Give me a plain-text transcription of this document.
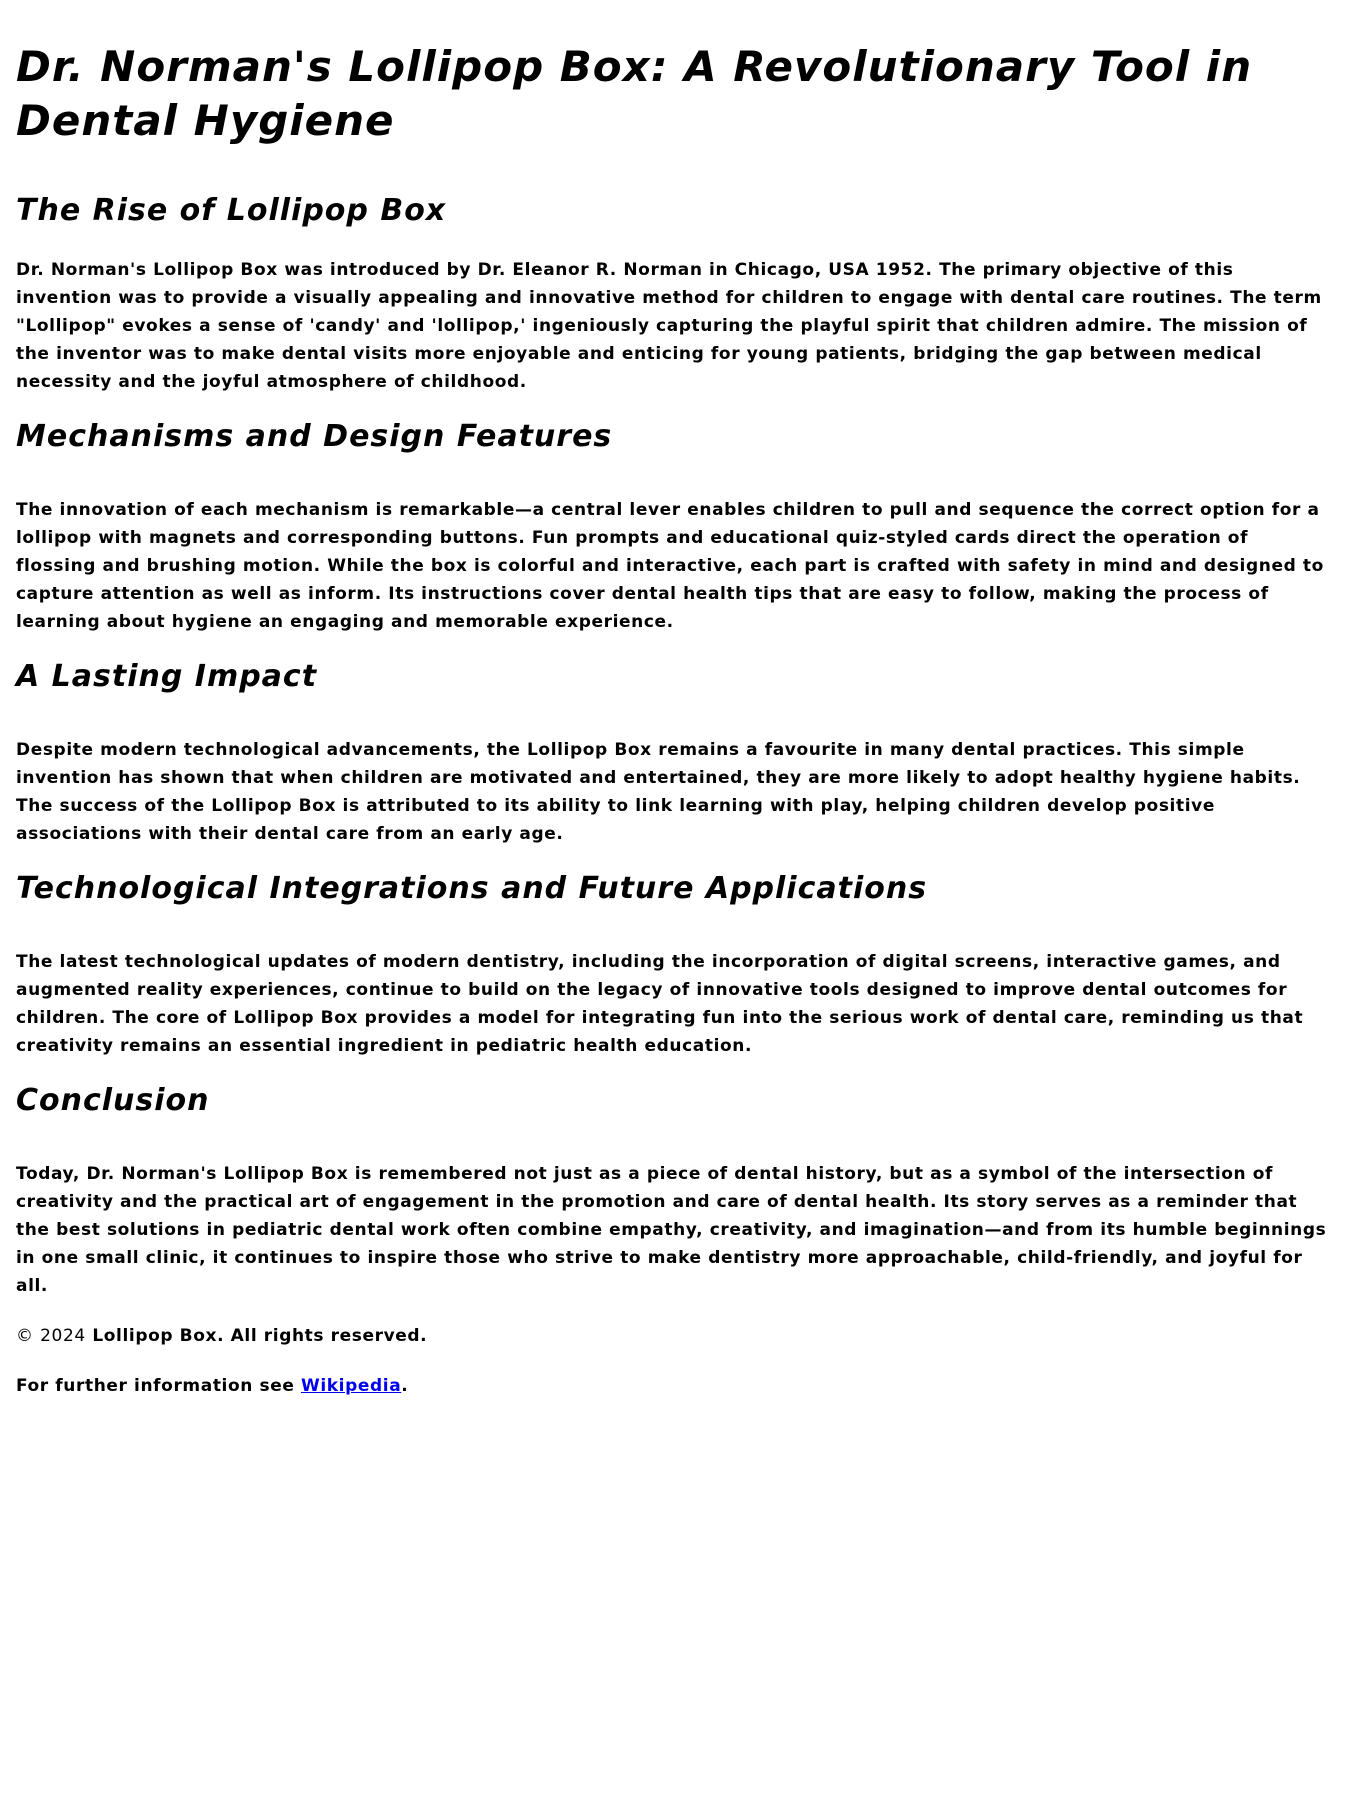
Dr. Norman's Lollipop Box: A Revolutionary Tool in Dental Hygiene
The Rise of Lollipop Box

Dr. Norman's Lollipop Box was introduced by Dr. Eleanor R. Norman in Chicago, USA 1952. The primary objective of this invention was to provide a visually appealing and innovative method for children to engage with dental care routines. The term "Lollipop" evokes a sense of 'candy' and 'lollipop,' ingeniously capturing the playful spirit that children admire. The mission of the inventor was to make dental visits more enjoyable and enticing for young patients, bridging the gap between medical necessity and the joyful atmosphere of childhood.

Mechanisms and Design Features

The innovation of each mechanism is remarkable—a central lever enables children to pull and sequence the correct option for a lollipop with magnets and corresponding buttons. Fun prompts and educational quiz-styled cards direct the operation of flossing and brushing motion. While the box is colorful and interactive, each part is crafted with safety in mind and designed to capture attention as well as inform. Its instructions cover dental health tips that are easy to follow, making the process of learning about hygiene an engaging and memorable experience.

A Lasting Impact

Despite modern technological advancements, the Lollipop Box remains a favourite in many dental practices. This simple invention has shown that when children are motivated and entertained, they are more likely to adopt healthy hygiene habits. The success of the Lollipop Box is attributed to its ability to link learning with play, helping children develop positive associations with their dental care from an early age.

Technological Integrations and Future Applications

The latest technological updates of modern dentistry, including the incorporation of digital screens, interactive games, and augmented reality experiences, continue to build on the legacy of innovative tools designed to improve dental outcomes for children. The core of Lollipop Box provides a model for integrating fun into the serious work of dental care, reminding us that creativity remains an essential ingredient in pediatric health education.

Conclusion

Today, Dr. Norman's Lollipop Box is remembered not just as a piece of dental history, but as a symbol of the intersection of creativity and the practical art of engagement in the promotion and care of dental health. Its story serves as a reminder that the best solutions in pediatric dental work often combine empathy, creativity, and imagination—and from its humble beginnings in one small clinic, it continues to inspire those who strive to make dentistry more approachable, child-friendly, and joyful for all.

© 2024 Lollipop Box. All rights reserved.

For further information see Wikipedia.
